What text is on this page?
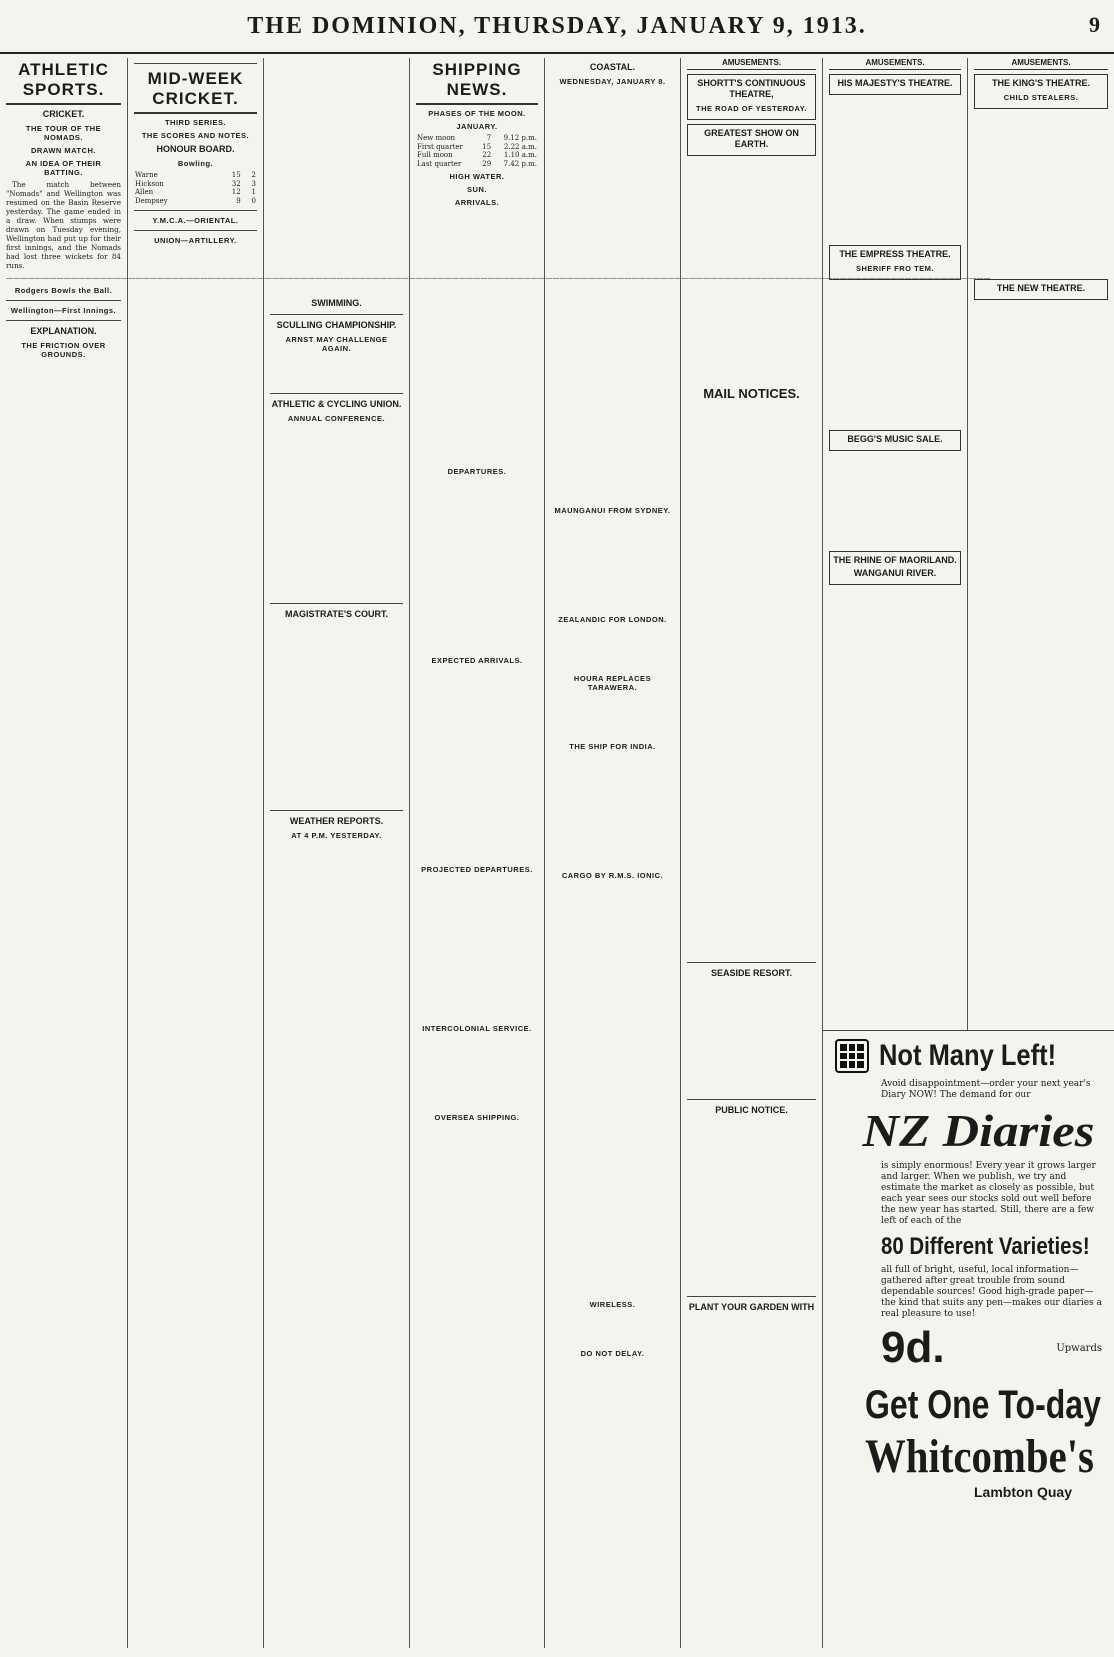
THE DOMINION, THURSDAY, JANUARY 9, 1913.	9
ATHLETIC SPORTS.
CRICKET.
THE TOUR OF THE NOMADS.
DRAWN MATCH.
AN IDEA OF THEIR BATTING.

The match between "Nomads" and Wellington was resumed on the Basin Reserve yesterday. The game ended in a draw. When stumps were drawn on Tuesday evening, Wellington had put up for their first innings, and the Nomads had lost three wickets for 84 runs.

—————————————————————————————————————————————————————————————————————————————————————————————————————————————————————————————————————————
Rodgers Bowls the Ball.
Wellington—First Innings.
EXPLANATION.
THE FRICTION OVER GROUNDS.
MID-WEEK CRICKET.
THIRD SERIES.
THE SCORES AND NOTES.
HONOUR BOARD.
Bowling.
Warne	15	2
Hickson	32	3
Allen	12	1
Dempsey	9	0
Y.M.C.A.—ORIENTAL.
UNION—ARTILLERY.
SWIMMING.
SCULLING CHAMPIONSHIP.
ARNST MAY CHALLENGE AGAIN.
ATHLETIC & CYCLING UNION.
ANNUAL CONFERENCE.
MAGISTRATE'S COURT.
WEATHER REPORTS.
AT 4 P.M. YESTERDAY.
SHIPPING NEWS.
PHASES OF THE MOON.
JANUARY.
New moon	7	9.12 p.m.
First quarter	15	2.22 a.m.
Full moon	22	1.10 a.m.
Last quarter	29	7.42 p.m.
HIGH WATER.
SUN.
ARRIVALS.
DEPARTURES.
EXPECTED ARRIVALS.
PROJECTED DEPARTURES.
INTERCOLONIAL SERVICE.
OVERSEA SHIPPING.
COASTAL.
WEDNESDAY, JANUARY 8.
MAUNGANUI FROM SYDNEY.
ZEALANDIC FOR LONDON.
HOURA REPLACES TARAWERA.
THE SHIP FOR INDIA.
CARGO BY R.M.S. IONIC.
WIRELESS.
DO NOT DELAY.
AMUSEMENTS.
SHORTT'S CONTINUOUS THEATRE,
THE ROAD OF YESTERDAY.
GREATEST SHOW ON EARTH.
MAIL NOTICES.
SEASIDE RESORT.
PUBLIC NOTICE.
PLANT YOUR GARDEN WITH
AMUSEMENTS.
HIS MAJESTY'S THEATRE.
THE EMPRESS THEATRE.
SHERIFF FRO TEM.
BEGG'S MUSIC SALE.
THE RHINE OF MAORILAND.
WANGANUI RIVER.
AMUSEMENTS.
THE KING'S THEATRE.
CHILD STEALERS.
THE NEW THEATRE.
Not Many Left!
Avoid disappointment—order your next year's Diary NOW! The demand for our
NZ Diaries
is simply enormous! Every year it grows larger and larger. When we publish, we try and estimate the market as closely as possible, but each year sees our stocks sold out well before the new year has started. Still, there are a few left of each of the
80 Different Varieties!
all full of bright, useful, local information—gathered after great trouble from sound dependable sources! Good high-grade paper—the kind that suits any pen—makes our diaries a real pleasure to use!
9d.	Upwards
Get One To-day
Whitcombe's
Lambton Quay
